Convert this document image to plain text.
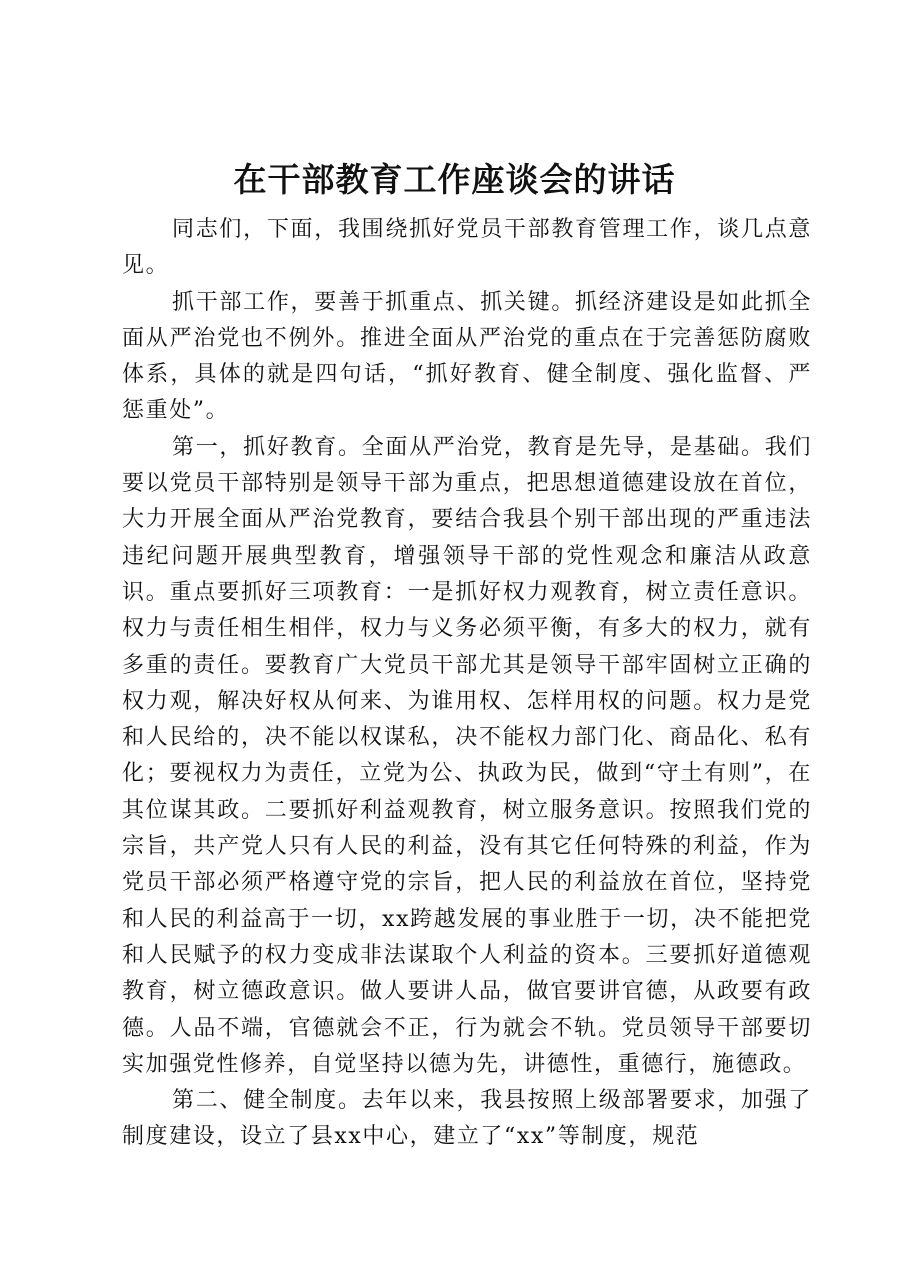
在干部教育工作座谈会的讲话

同志们，下面，我围绕抓好党员干部教育管理工作，谈几点意见。

抓干部工作，要善于抓重点、抓关键。抓经济建设是如此抓全面从严治党也不例外。推进全面从严治党的重点在于完善惩防腐败体系，具体的就是四句话，“抓好教育、健全制度、强化监督、严惩重处”。

第一，抓好教育。全面从严治党，教育是先导，是基础。我们要以党员干部特别是领导干部为重点，把思想道德建设放在首位，大力开展全面从严治党教育，要结合我县个别干部出现的严重违法违纪问题开展典型教育，增强领导干部的党性观念和廉洁从政意识。重点要抓好三项教育：一是抓好权力观教育，树立责任意识。权力与责任相生相伴，权力与义务必须平衡，有多大的权力，就有多重的责任。要教育广大党员干部尤其是领导干部牢固树立正确的权力观，解决好权从何来、为谁用权、怎样用权的问题。权力是党和人民给的，决不能以权谋私，决不能权力部门化、商品化、私有化；要视权力为责任，立党为公、执政为民，做到“守土有则”，在其位谋其政。二要抓好利益观教育，树立服务意识。按照我们党的宗旨，共产党人只有人民的利益，没有其它任何特殊的利益，作为党员干部必须严格遵守党的宗旨，把人民的利益放在首位，坚持党和人民的利益高于一切，xx跨越发展的事业胜于一切，决不能把党和人民赋予的权力变成非法谋取个人利益的资本。三要抓好道德观教育，树立德政意识。做人要讲人品，做官要讲官德，从政要有政德。人品不端，官德就会不正，行为就会不轨。党员领导干部要切实加强党性修养，自觉坚持以德为先，讲德性，重德行，施德政。

第二、健全制度。去年以来，我县按照上级部署要求，加强了制度建设，设立了县xx中心，建立了“xx”等制度，规范
